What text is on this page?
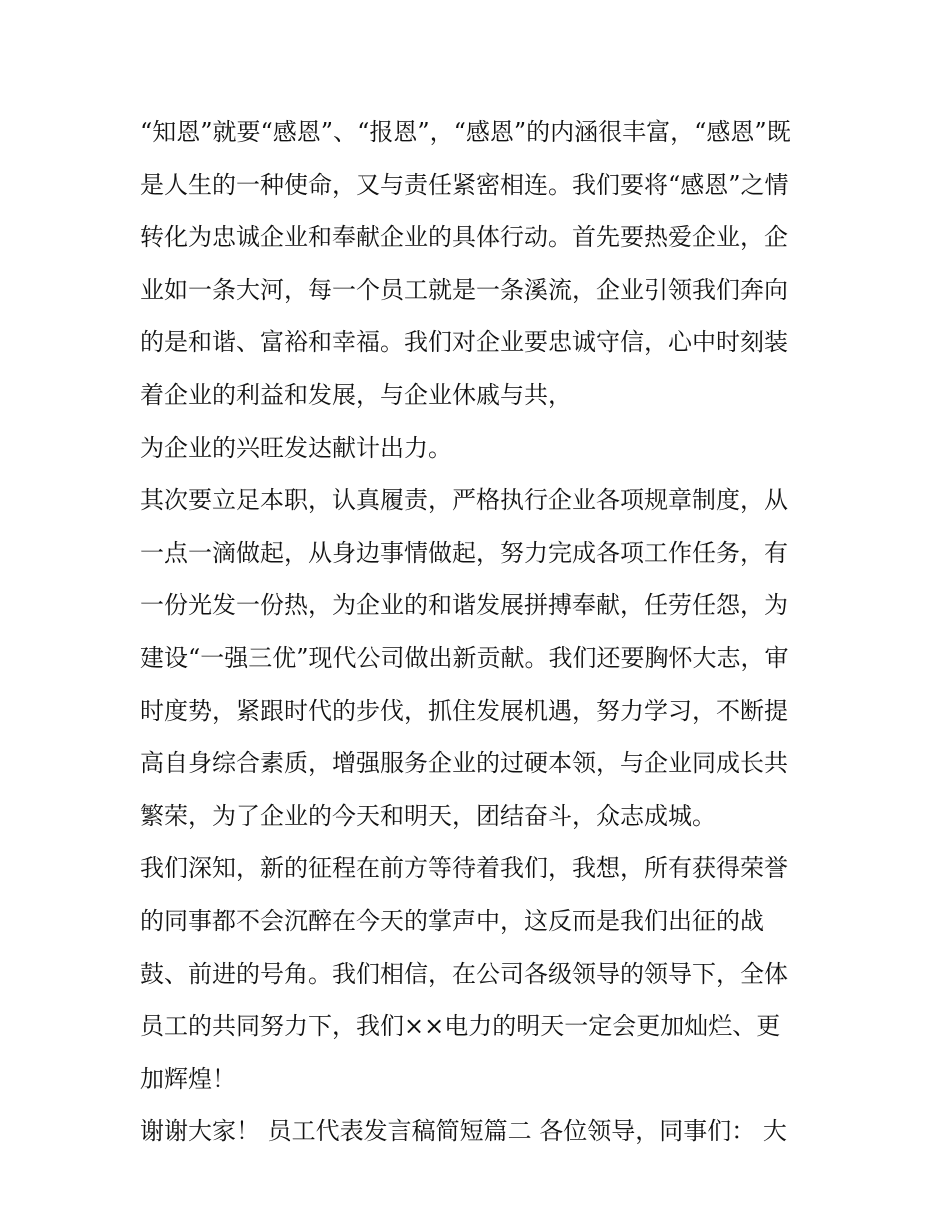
“知恩”就要“感恩”、“报恩”，“感恩”的内涵很丰富，“感恩”既
是人生的一种使命，又与责任紧密相连。我们要将“感恩”之情
转化为忠诚企业和奉献企业的具体行动。首先要热爱企业，企
业如一条大河，每一个员工就是一条溪流，企业引领我们奔向
的是和谐、富裕和幸福。我们对企业要忠诚守信，心中时刻装
着企业的利益和发展，与企业休戚与共，
为企业的兴旺发达献计出力。
其次要立足本职，认真履责，严格执行企业各项规章制度，从
一点一滴做起，从身边事情做起，努力完成各项工作任务，有
一份光发一份热，为企业的和谐发展拼搏奉献，任劳任怨，为
建设“一强三优”现代公司做出新贡献。我们还要胸怀大志，审
时度势，紧跟时代的步伐，抓住发展机遇，努力学习，不断提
高自身综合素质，增强服务企业的过硬本领，与企业同成长共
繁荣，为了企业的今天和明天，团结奋斗，众志成城。
我们深知，新的征程在前方等待着我们，我想，所有获得荣誉
的同事都不会沉醉在今天的掌声中，这反而是我们出征的战
鼓、前进的号角。我们相信，在公司各级领导的领导下，全体
员工的共同努力下，我们××电力的明天一定会更加灿烂、更
加辉煌！
谢谢大家！ 员工代表发言稿简短篇二 各位领导，同事们： 大
